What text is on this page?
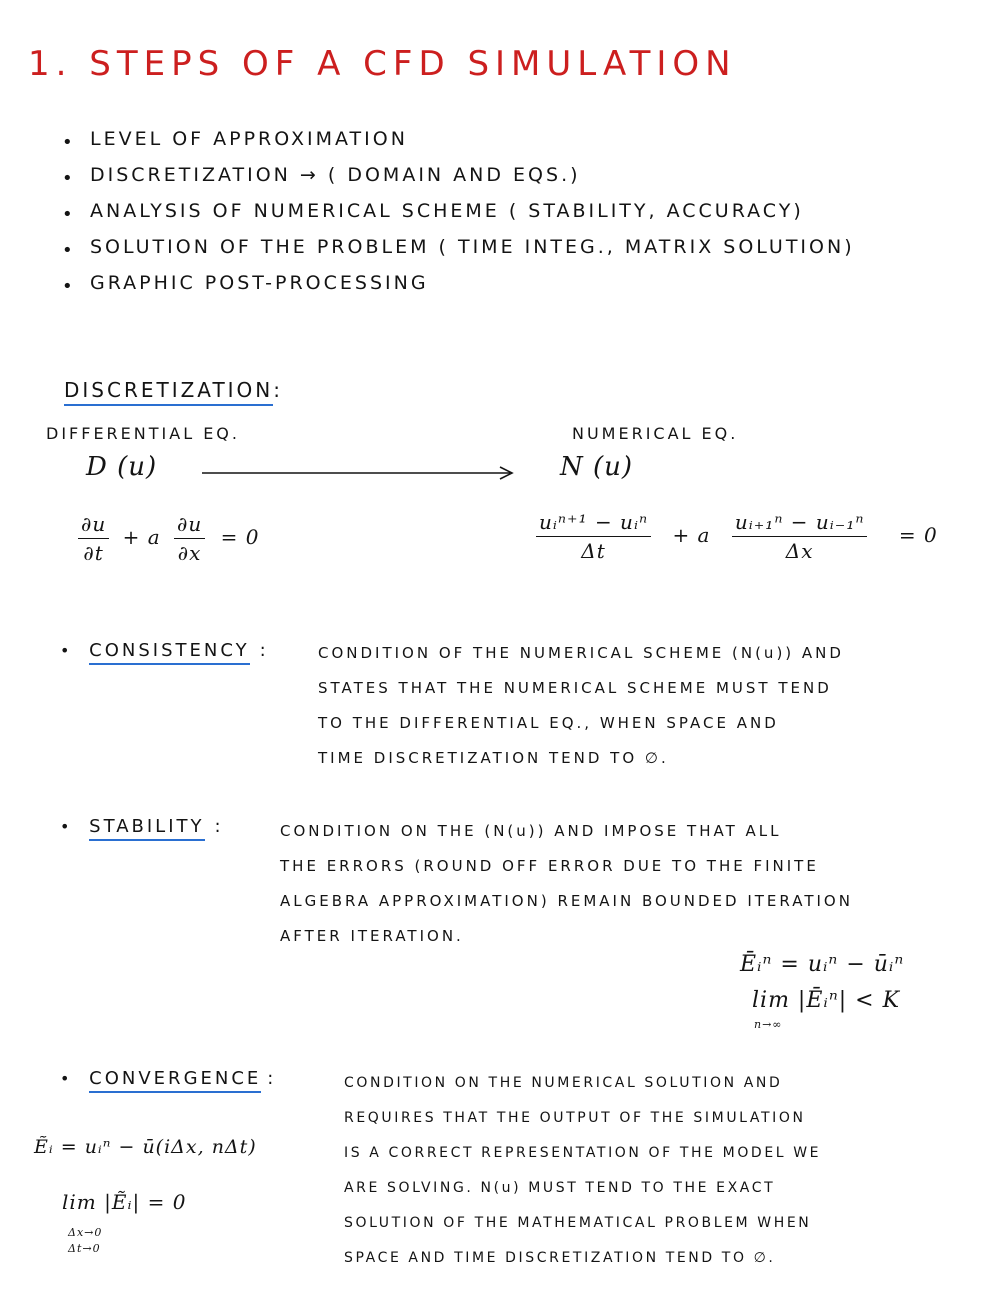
1. STEPS OF A CFD SIMULATION
• LEVEL OF APPROXIMATION
• DISCRETIZATION → ( DOMAIN AND EQS.)
• ANALYSIS OF NUMERICAL SCHEME ( STABILITY, ACCURACY)
• SOLUTION OF THE PROBLEM ( TIME INTEG., MATRIX SOLUTION)
• GRAPHIC POST-PROCESSING
DISCRETIZATION:
DIFFERENTIAL EQ.	NUMERICAL EQ.
D (u)	N (u)
$\frac{\partial u}{\partial t} + a \frac{\partial u}{\partial x} = 0$	$\frac{\text{uᵢⁿ⁺¹ − uᵢⁿ}}{\Delta t} + a \frac{\text{uᵢ₊₁ⁿ − uᵢ₋₁ⁿ}}{\Delta x} = 0$
• CONSISTENCY :	CONDITION OF THE NUMERICAL SCHEME (N(u)) AND
STATES THAT THE NUMERICAL SCHEME MUST TEND
TO THE DIFFERENTIAL EQ., WHEN SPACE AND
TIME DISCRETIZATION TEND TO ∅.
• STABILITY :	CONDITION ON THE (N(u)) AND IMPOSE THAT ALL
THE ERRORS (ROUND OFF ERROR DUE TO THE FINITE
ALGEBRA APPROXIMATION) REMAIN BOUNDED ITERATION
AFTER ITERATION.
Ēᵢⁿ = uᵢⁿ − ūᵢⁿ
lim |Ēᵢⁿ| < K
n→∞
• CONVERGENCE :	CONDITION ON THE NUMERICAL SOLUTION AND
REQUIRES THAT THE OUTPUT OF THE SIMULATION
IS A CORRECT REPRESENTATION OF THE MODEL WE
ARE SOLVING. N(u) MUST TEND TO THE EXACT
SOLUTION OF THE MATHEMATICAL PROBLEM WHEN
SPACE AND TIME DISCRETIZATION TEND TO ∅.
Ẽᵢ = uᵢⁿ − ū(iΔx, nΔt)
lim |Ẽᵢ| = 0
Δx→0
Δt→0
